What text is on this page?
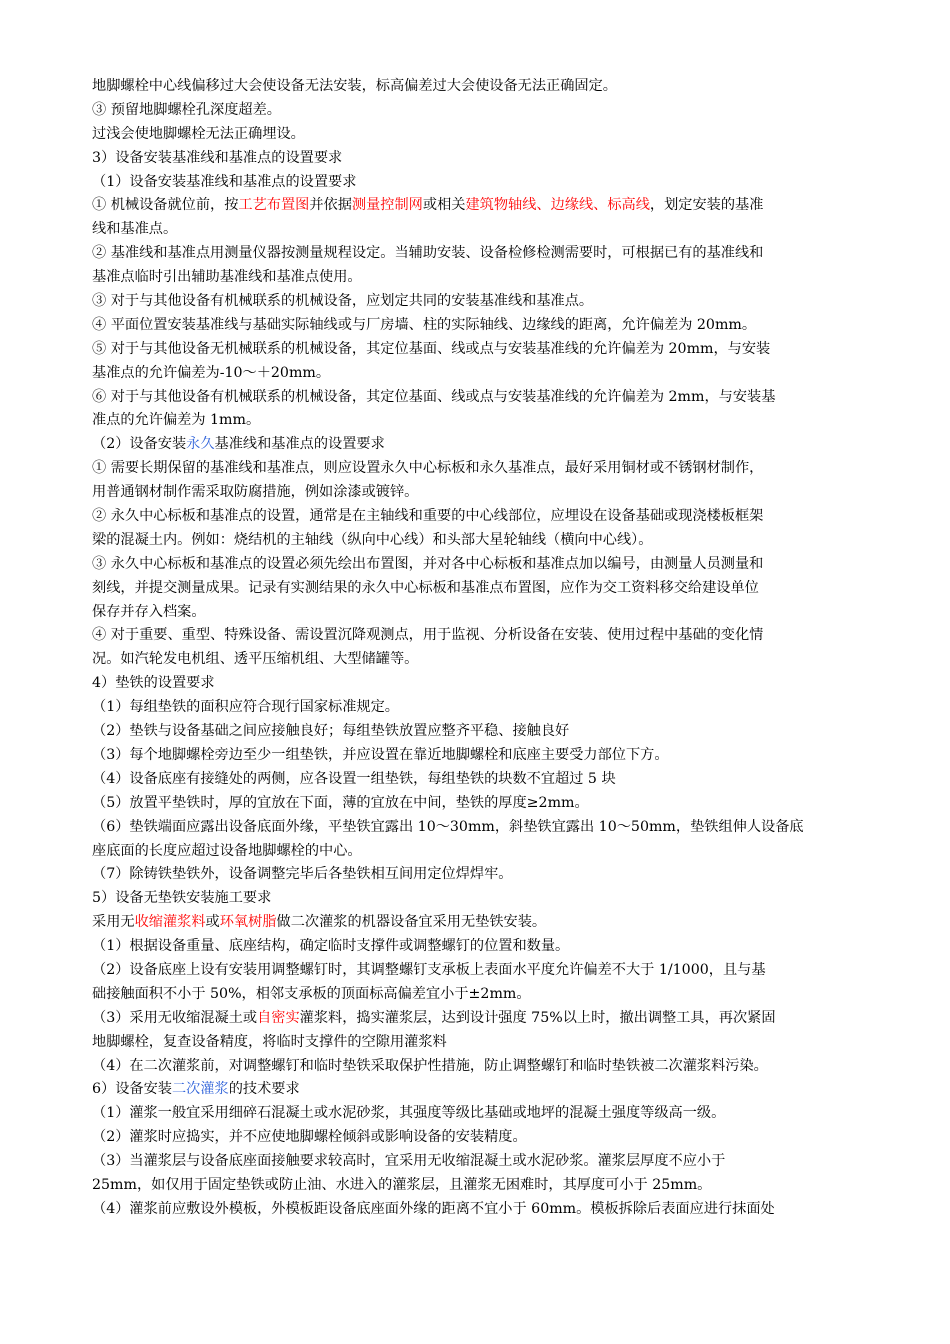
地脚螺栓中心线偏移过大会使设备无法安装，标高偏差过大会使设备无法正确固定。
③ 预留地脚螺栓孔深度超差。
过浅会使地脚螺栓无法正确埋设。
3）设备安装基准线和基准点的设置要求
（1）设备安装基准线和基准点的设置要求
① 机械设备就位前，按工艺布置图并依据测量控制网或相关建筑物轴线、边缘线、标高线，划定安装的基准
线和基准点。
② 基准线和基准点用测量仪器按测量规程设定。当辅助安装、设备检修检测需要时，可根据已有的基准线和
基准点临时引出辅助基准线和基准点使用。
③ 对于与其他设备有机械联系的机械设备，应划定共同的安装基准线和基准点。
④ 平面位置安装基准线与基础实际轴线或与厂房墙、柱的实际轴线、边缘线的距离，允许偏差为 20mm。
⑤ 对于与其他设备无机械联系的机械设备，其定位基面、线或点与安装基准线的允许偏差为 20mm，与安装
基准点的允许偏差为-10～＋20mm。
⑥ 对于与其他设备有机械联系的机械设备，其定位基面、线或点与安装基准线的允许偏差为 2mm，与安装基
准点的允许偏差为 1mm。
（2）设备安装永久基准线和基准点的设置要求
① 需要长期保留的基准线和基准点，则应设置永久中心标板和永久基准点，最好采用铜材或不锈钢材制作，
用普通钢材制作需采取防腐措施，例如涂漆或镀锌。
② 永久中心标板和基准点的设置，通常是在主轴线和重要的中心线部位，应埋设在设备基础或现浇楼板框架
梁的混凝土内。例如：烧结机的主轴线（纵向中心线）和头部大星轮轴线（横向中心线）。
③ 永久中心标板和基准点的设置必须先绘出布置图，并对各中心标板和基准点加以编号，由测量人员测量和
刻线，并提交测量成果。记录有实测结果的永久中心标板和基准点布置图，应作为交工资料移交给建设单位
保存并存入档案。
④ 对于重要、重型、特殊设备、需设置沉降观测点，用于监视、分析设备在安装、使用过程中基础的变化情
况。如汽轮发电机组、透平压缩机组、大型储罐等。
4）垫铁的设置要求
（1）每组垫铁的面积应符合现行国家标准规定。
（2）垫铁与设备基础之间应接触良好；每组垫铁放置应整齐平稳、接触良好
（3）每个地脚螺栓旁边至少一组垫铁，并应设置在靠近地脚螺栓和底座主要受力部位下方。
（4）设备底座有接缝处的两侧，应各设置一组垫铁，每组垫铁的块数不宜超过 5 块
（5）放置平垫铁时，厚的宜放在下面，薄的宜放在中间，垫铁的厚度≥2mm。
（6）垫铁端面应露出设备底面外缘，平垫铁宜露出 10～30mm，斜垫铁宜露出 10～50mm，垫铁组伸人设备底
座底面的长度应超过设备地脚螺栓的中心。
（7）除铸铁垫铁外，设备调整完毕后各垫铁相互间用定位焊焊牢。
5）设备无垫铁安装施工要求
采用无收缩灌浆料或环氧树脂做二次灌浆的机器设备宜采用无垫铁安装。
（1）根据设备重量、底座结构，确定临时支撑件或调整螺钉的位置和数量。
（2）设备底座上设有安装用调整螺钉时，其调整螺钉支承板上表面水平度允许偏差不大于 1/1000，且与基
础接触面积不小于 50%，相邻支承板的顶面标高偏差宜小于±2mm。
（3）采用无收缩混凝土或自密实灌浆料，捣实灌浆层，达到设计强度 75%以上时，撤出调整工具，再次紧固
地脚螺栓，复查设备精度，将临时支撑件的空隙用灌浆料
（4）在二次灌浆前，对调整螺钉和临时垫铁采取保护性措施，防止调整螺钉和临时垫铁被二次灌浆料污染。
6）设备安装二次灌浆的技术要求
（1）灌浆一般宜采用细碎石混凝土或水泥砂浆，其强度等级比基础或地坪的混凝土强度等级高一级。
（2）灌浆时应捣实，并不应使地脚螺栓倾斜或影响设备的安装精度。
（3）当灌浆层与设备底座面接触要求较高时，宜采用无收缩混凝土或水泥砂浆。灌浆层厚度不应小于
25mm，如仅用于固定垫铁或防止油、水进入的灌浆层，且灌浆无困难时，其厚度可小于 25mm。
（4）灌浆前应敷设外模板，外模板距设备底座面外缘的距离不宜小于 60mm。模板拆除后表面应进行抹面处
